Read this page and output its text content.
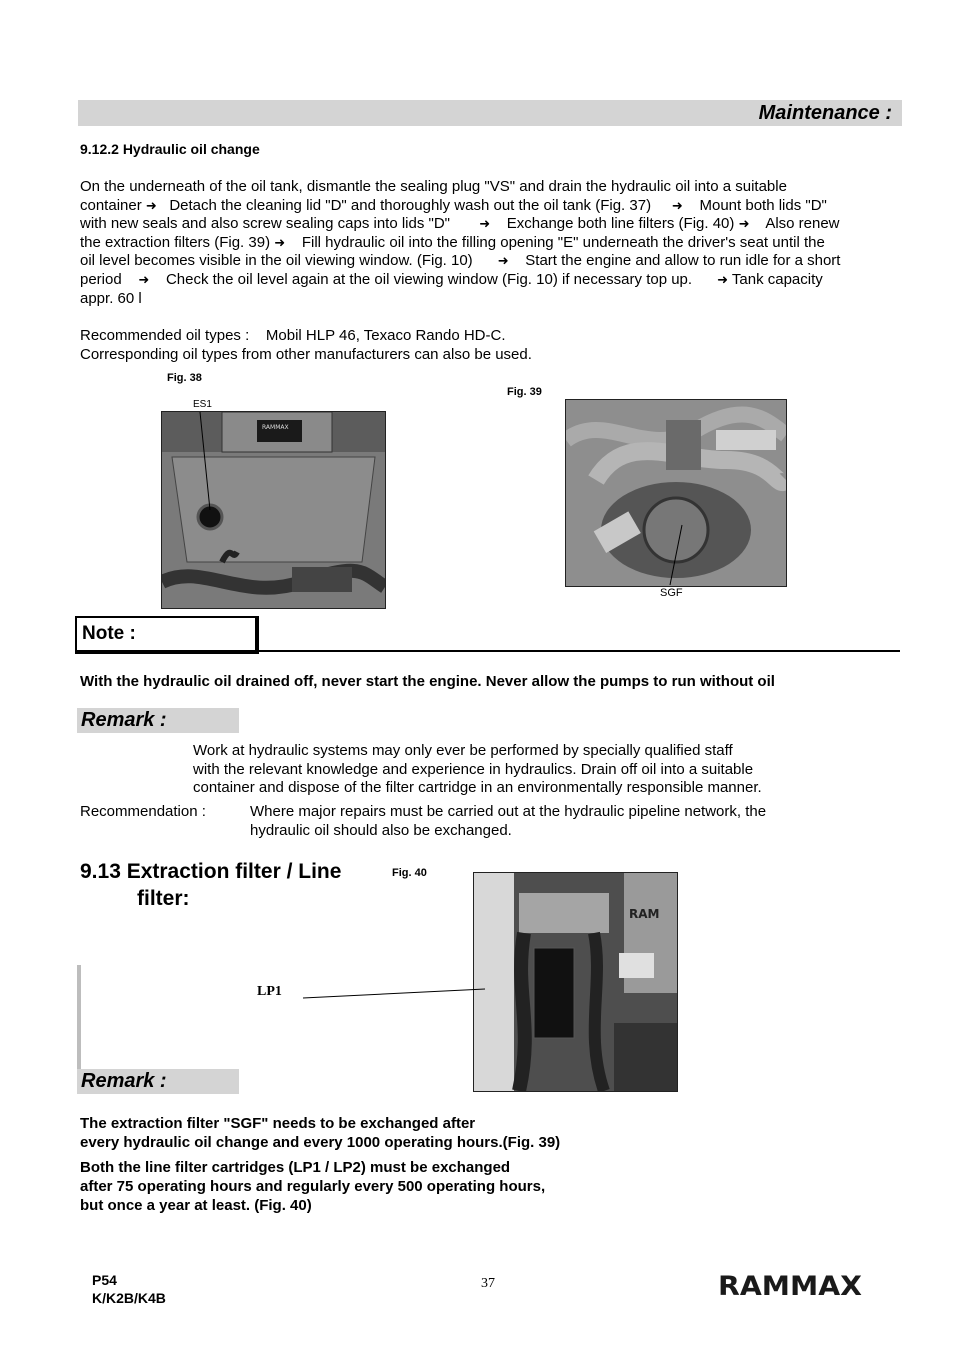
Maintenance :
9.12.2 Hydraulic oil change
On the underneath of the oil tank, dismantle the sealing plug "VS" and drain the hydraulic oil into a suitable
container ➜ Detach the cleaning lid "D" and thoroughly wash out the oil tank (Fig. 37) ➜ Mount both lids "D"
with new seals and also screw sealing caps into lids "D" ➜ Exchange both line filters (Fig. 40) ➜ Also renew
the extraction filters (Fig. 39) ➜ Fill hydraulic oil into the filling opening "E" underneath the driver's seat until the
oil level becomes visible in the oil viewing window. (Fig. 10) ➜ Start the engine and allow to run idle for a short
period ➜ Check the oil level again at the oil viewing window (Fig. 10) if necessary top up. ➜ Tank capacity
appr. 60 l
Recommended oil types : Mobil HLP 46, Texaco Rando HD-C.
Corresponding oil types from other manufacturers can also be used.
Fig. 38
RAMMAX
ES1
Fig. 39
SGF
Note :
With the hydraulic oil drained off, never start the engine. Never allow the pumps to run without oil
Remark :
Work at hydraulic systems may only ever be performed by specially qualified staff
with the relevant knowledge and experience in hydraulics. Drain off oil into a suitable
container and dispose of the filter cartridge in an environmentally responsible manner.
Recommendation :	Where major repairs must be carried out at the hydraulic pipeline network, the
hydraulic oil should also be exchanged.
9.13 Extraction filter / Line
filter:
Fig. 40
RAM
LP1
Remark :
The extraction filter "SGF" needs to be exchanged after
every hydraulic oil change and every 1000 operating hours.(Fig. 39)
Both the line filter cartridges (LP1 / LP2) must be exchanged
after 75 operating hours and regularly every 500 operating hours,
but once a year at least. (Fig. 40)
P54
K/K2B/K4B
37	RAMMAX
